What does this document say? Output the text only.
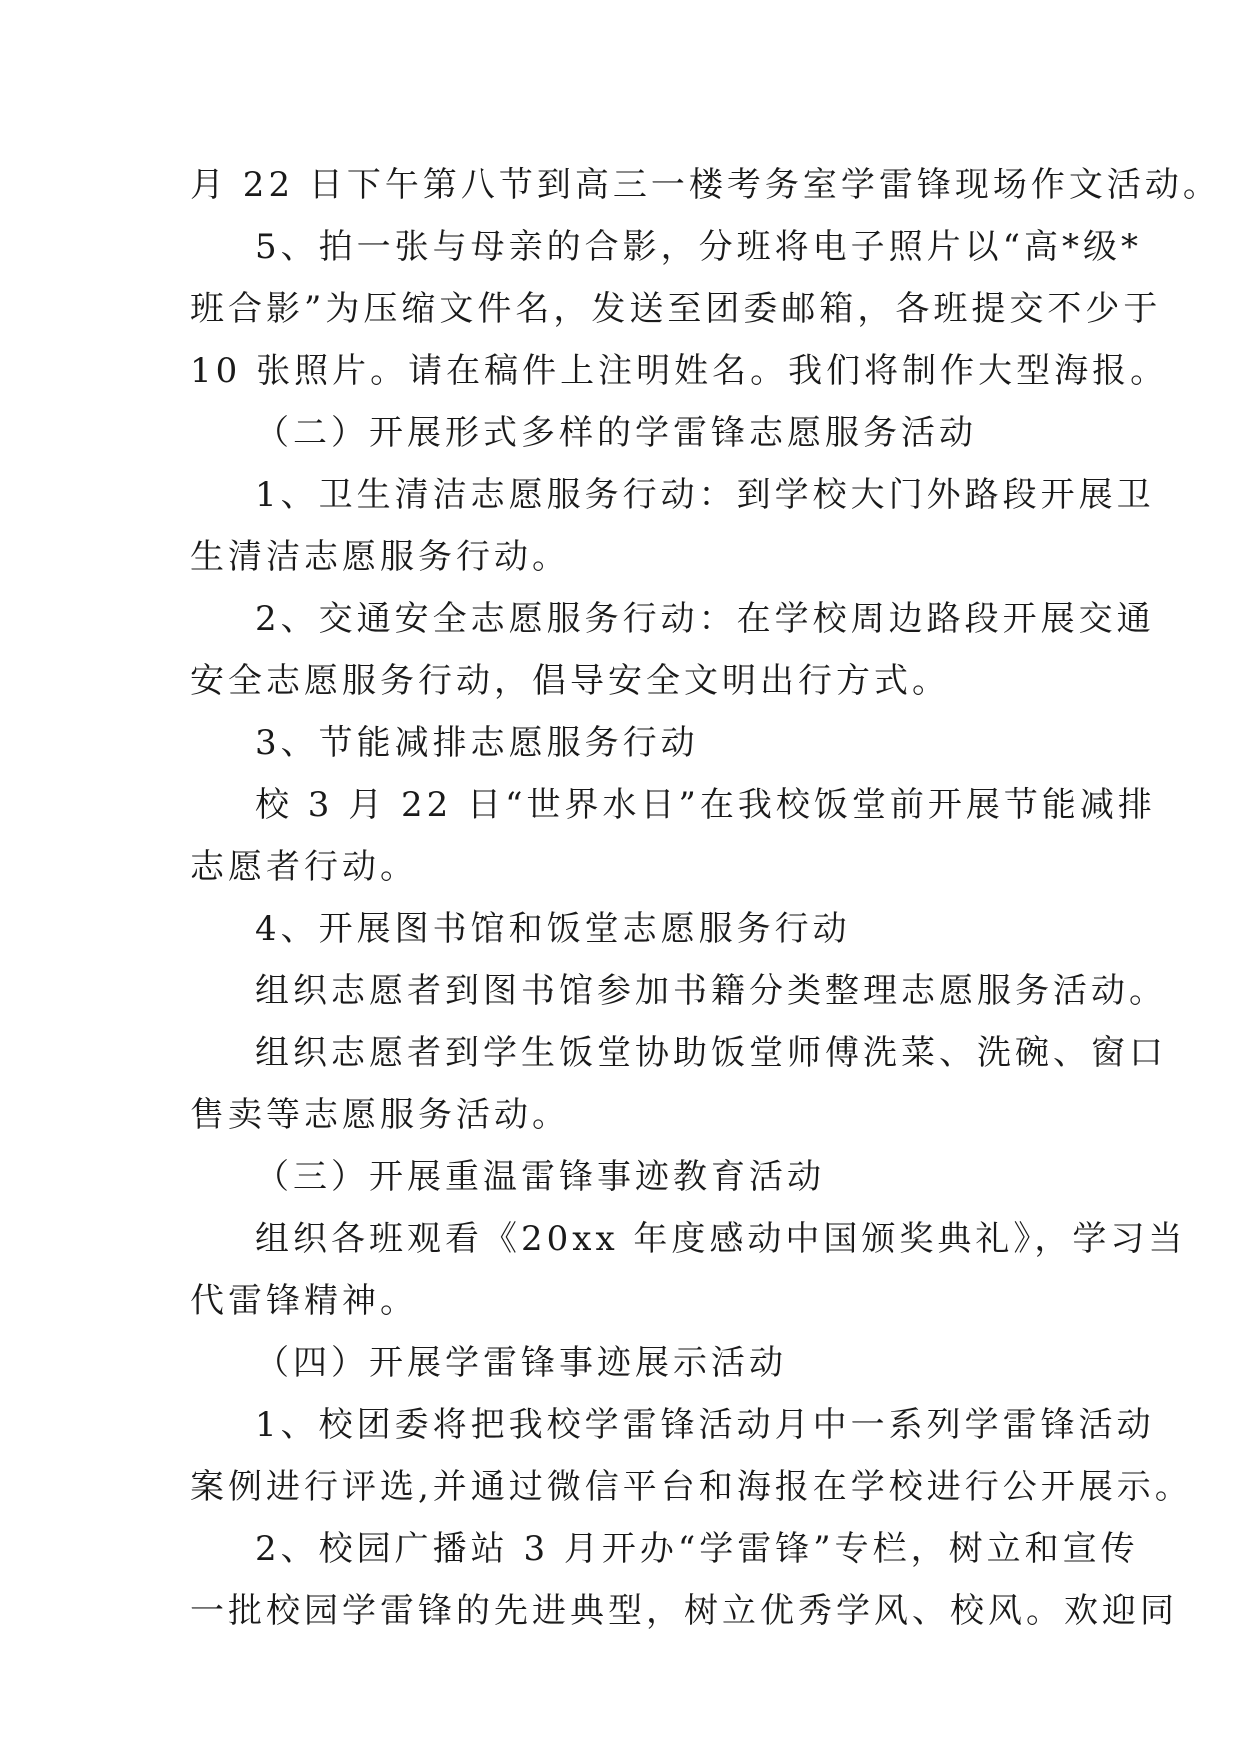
月 22 日下午第八节到高三一楼考务室学雷锋现场作文活动。
5、拍一张与母亲的合影，分班将电子照片以“高*级*
班合影”为压缩文件名，发送至团委邮箱，各班提交不少于
10 张照片。请在稿件上注明姓名。我们将制作大型海报。
（二）开展形式多样的学雷锋志愿服务活动
1、卫生清洁志愿服务行动：到学校大门外路段开展卫
生清洁志愿服务行动。
2、交通安全志愿服务行动：在学校周边路段开展交通
安全志愿服务行动，倡导安全文明出行方式。
3、节能减排志愿服务行动
校 3 月 22 日“世界水日”在我校饭堂前开展节能减排
志愿者行动。
4、开展图书馆和饭堂志愿服务行动
组织志愿者到图书馆参加书籍分类整理志愿服务活动。
组织志愿者到学生饭堂协助饭堂师傅洗菜、洗碗、窗口
售卖等志愿服务活动。
（三）开展重温雷锋事迹教育活动
组织各班观看《20xx 年度感动中国颁奖典礼》，学习当
代雷锋精神。
（四）开展学雷锋事迹展示活动
1、校团委将把我校学雷锋活动月中一系列学雷锋活动
案例进行评选,并通过微信平台和海报在学校进行公开展示。
2、校园广播站 3 月开办“学雷锋”专栏，树立和宣传
一批校园学雷锋的先进典型，树立优秀学风、校风。欢迎同
